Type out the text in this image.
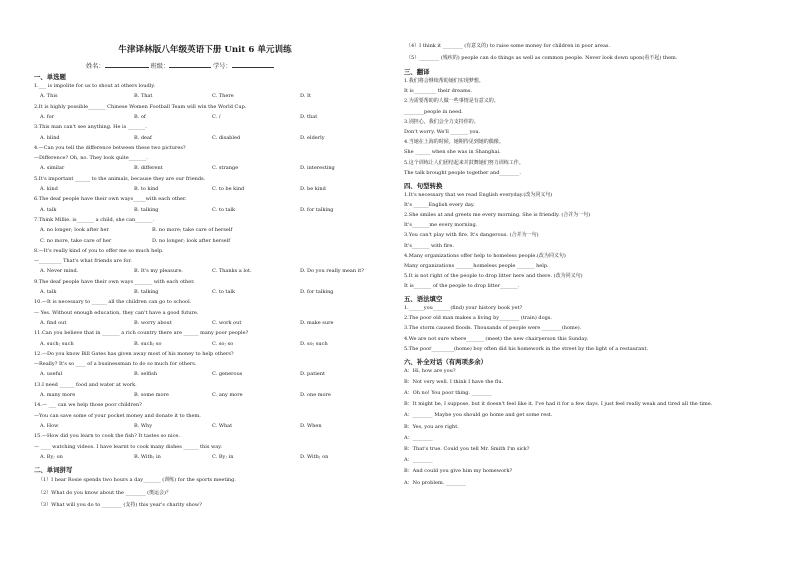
牛津译林版八年级英语下册 Unit 6 单元训练
姓名：	班级：	学号：
一、单选题
1.___ is impolite for us to shout at others loudly.
A. This	B. That	C. There	D. It
2.It is highly possible_______ Chinese Women Football Team will win the World Cup.
A. for	B. of	C. /	D. that
3.This man can't see anything. He is _______.
A. blind	B. deaf	C. disabled	D. elderly
4.—Can you tell the difference between these two pictures?
—Difference? Oh, no. They look quite_______.
A. similar	B. different	C. strange	D. interesting
5.It's important ______ to the animals, because they are our friends.
A. kind	B. to kind	C. to be kind	D. be kind
6.The deaf people have their own ways_____with each other.
A. talk	B. talking	C. to talk	D. for talking
7.Think Millie. is_______ a child, she can_______.
A. no longer; look after her	B. no more; take care of herself
C. no more, take care of her	D. no longer; look after herself
8.—It's really kind of you to offer me so much help.
—_________ That's what friends are for.
A. Never mind.	B. It's my pleasure.	C. Thanks a lot.	D. Do you really mean it?
9.The deaf people have their own ways _______ with each other.
A. talk	B. talking	C. to talk	D. for talking
10.—It is necessary to ______ all the children can go to school.
— Yes. Without enough education, they can't have a good future.
A. find out	B. worry about	C. work out	D. make sure
11.Can you believe that in _______ a rich country there are ______ many poor people?
A. such; such	B. such; so	C. so; so	D. so; such
12.—Do you know Bill Gates has given away most of his money to help others?
—Really? It's so ____ of a businessman to do so much for others.
A. useful	B. selfish	C. generous	D. patient
13.I need ______ food and water at work.
A. many more	B. some more	C. any more	D. one more
14.— ___ can we help those poor children?
—You can save some of your pocket money and donate it to them.
A. How	B. Why	C. What	D. When
15.—How did you learn to cook the fish? It tastes so nice.
— ____ watching videos. I have learnt to cook many dishes ______ this way.
A. By; on	B. With; in	C. By; in	D. With; on
二、单词拼写
（1）I hear Rosie spends two hours a day_______ (训练) for the sports meeting.
（2）What do you know about the ________ (奥运会)？
（3）What will you do to ________ (支持) this year's charity show?
（4）I think it ________ (有意义的) to raise some money for children in poor areas.
（5）________ (残疾的) people can do things as well as common people. Never look down upon(看不起) them.
三、翻译
1.我们将会继续帮助她们实现梦想。
It is_________ their dreams.
2.为需要帮助的人做一些事情是有意义的。
________people in need.
3.别担心，我们会全力支持你的。
Don't worry. We'll _______ you.
4.当她在上海的时候，她期待见到她的偶像。
She ______ when she was in Shanghai.
5.这个训练让人们团结起来并鼓舞她们努力训练工作。
The talk brought people together and________.
四、句型转换
1.It's necessary that we read English everyday.(改为同义句)
It's ______English every day.
2.She smiles at and greets me every morning. She is friendly. (合并为一句)
It's_______me every morning.
3.You can't play with fire. It's dangerous. (合并为一句)
It's_______ with fire.
4.Many organizations offer help to homeless people.(改为同义句)
Many organizations _______homeless people _______ help.
5.It is not right of the people to drop litter here and there. (改为同义句)
It is_______ of the people to drop litter_______.
五、语法填空
1.______you_______(find) your history book yet?
2.The poor old man makes a living by________ (train) dogs.
3.The storm caused floods. Thousands of people were ________(home).
4.We are not sure where_______ (meet) the new chairperson this Sunday.
5.The poor_________(home) boy often did his homework in the street by the light of a restaurant.
六、补全对话（有两项多余）
A：Hi, how are you?
B：Not very well. I think I have the flu.
A：Oh no! You poor thing. ________
B：It might be, I suppose, but it doesn't feel like it. I've had it for a few days. I just feel really weak and tired all the time.
A：________ Maybe you should go home and get some rest.
B：Yes, you are right.
A：________
B：That's true. Could you tell Mr. Smith I'm sick?
A：________
B：And could you give him my homework?
A：No problem. ________
